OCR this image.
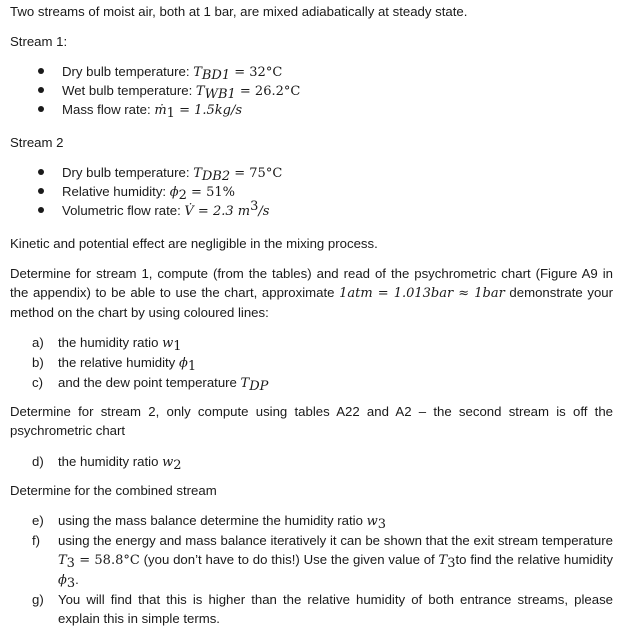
Two streams of moist air, both at 1 bar, are mixed adiabatically at steady state.

Stream 1:

Dry bulb temperature: $T_{BD1} = 32^\circ C$
Wet bulb temperature: $T_{WB1} = 26.2^\circ C$
Mass flow rate: ṁ$_1$ = 1.5kg/s

Stream 2

Dry bulb temperature: $T_{DB2} = 75^\circ C$
Relative humidity: $\phi_2 = 51\%$
Volumetric flow rate: V̇ = 2.3 $m^3/s$

Kinetic and potential effect are negligible in the mixing process.

Determine for stream 1, compute (from the tables) and read of the psychrometric chart (Figure A9 in the appendix) to be able to use the chart, approximate 1atm = 1.013bar ≈ 1bar demonstrate your method on the chart by using coloured lines:

a)	the humidity ratio $w_1$
b)	the relative humidity $\phi_1$
c)	and the dew point temperature $T_{DP}$

Determine for stream 2, only compute using tables A22 and A2 – the second stream is off the psychrometric chart

d)	the humidity ratio $w_2$

Determine for the combined stream

e)	using the mass balance determine the humidity ratio $w_3$
f)	using the energy and mass balance iteratively it can be shown that the exit stream temperature $T_3 = 58.8^\circ C$ (you don’t have to do this!) Use the given value of $T_3to$ find the relative humidity $\phi_3$.
g)	You will find that this is higher than the relative humidity of both entrance streams, please explain this in simple terms.
